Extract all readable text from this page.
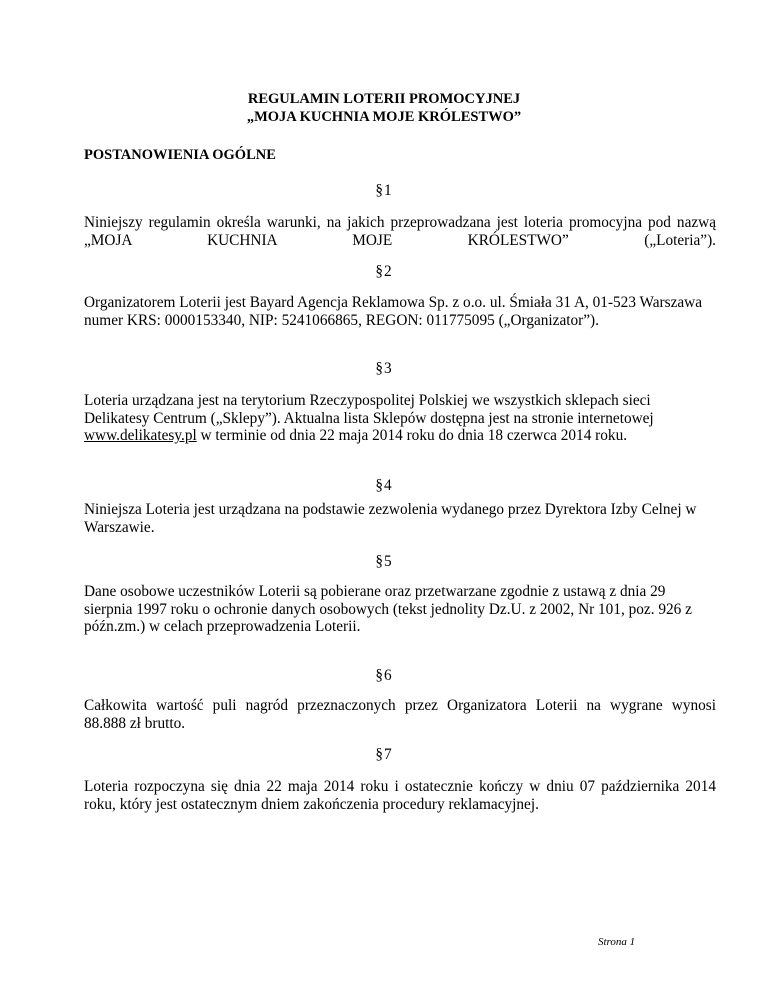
REGULAMIN LOTERII PROMOCYJNEJ
„MOJA KUCHNIA MOJE KRÓLESTWO”

POSTANOWIENIA OGÓLNE

§1

Niniejszy regulamin określa warunki, na jakich przeprowadzana jest loteria promocyjna pod nazwą
„MOJA KUCHNIA MOJE KRÓLESTWO” („Loteria”).

§2

Organizatorem Loterii jest Bayard Agencja Reklamowa Sp. z o.o. ul. Śmiała 31 A, 01-523 Warszawa
numer KRS: 0000153340, NIP: 5241066865, REGON: 011775095 („Organizator”).

§3

Loteria urządzana jest na terytorium Rzeczypospolitej Polskiej we wszystkich sklepach sieci
Delikatesy Centrum („Sklepy”). Aktualna lista Sklepów dostępna jest na stronie internetowej
www.delikatesy.pl w terminie od dnia 22 maja 2014 roku do dnia 18 czerwca 2014 roku.

§4

Niniejsza Loteria jest urządzana na podstawie zezwolenia wydanego przez Dyrektora Izby Celnej w
Warszawie.

§5

Dane osobowe uczestników Loterii są pobierane oraz przetwarzane zgodnie z ustawą z dnia 29
sierpnia 1997 roku o ochronie danych osobowych (tekst jednolity Dz.U. z 2002, Nr 101, poz. 926 z
późn.zm.) w celach przeprowadzenia Loterii.

§6

Całkowita wartość puli nagród przeznaczonych przez Organizatora Loterii na wygrane wynosi
88.888 zł brutto.

§7

Loteria rozpoczyna się dnia 22 maja 2014 roku i ostatecznie kończy w dniu 07 października 2014
roku, który jest ostatecznym dniem zakończenia procedury reklamacyjnej.

Strona 1
